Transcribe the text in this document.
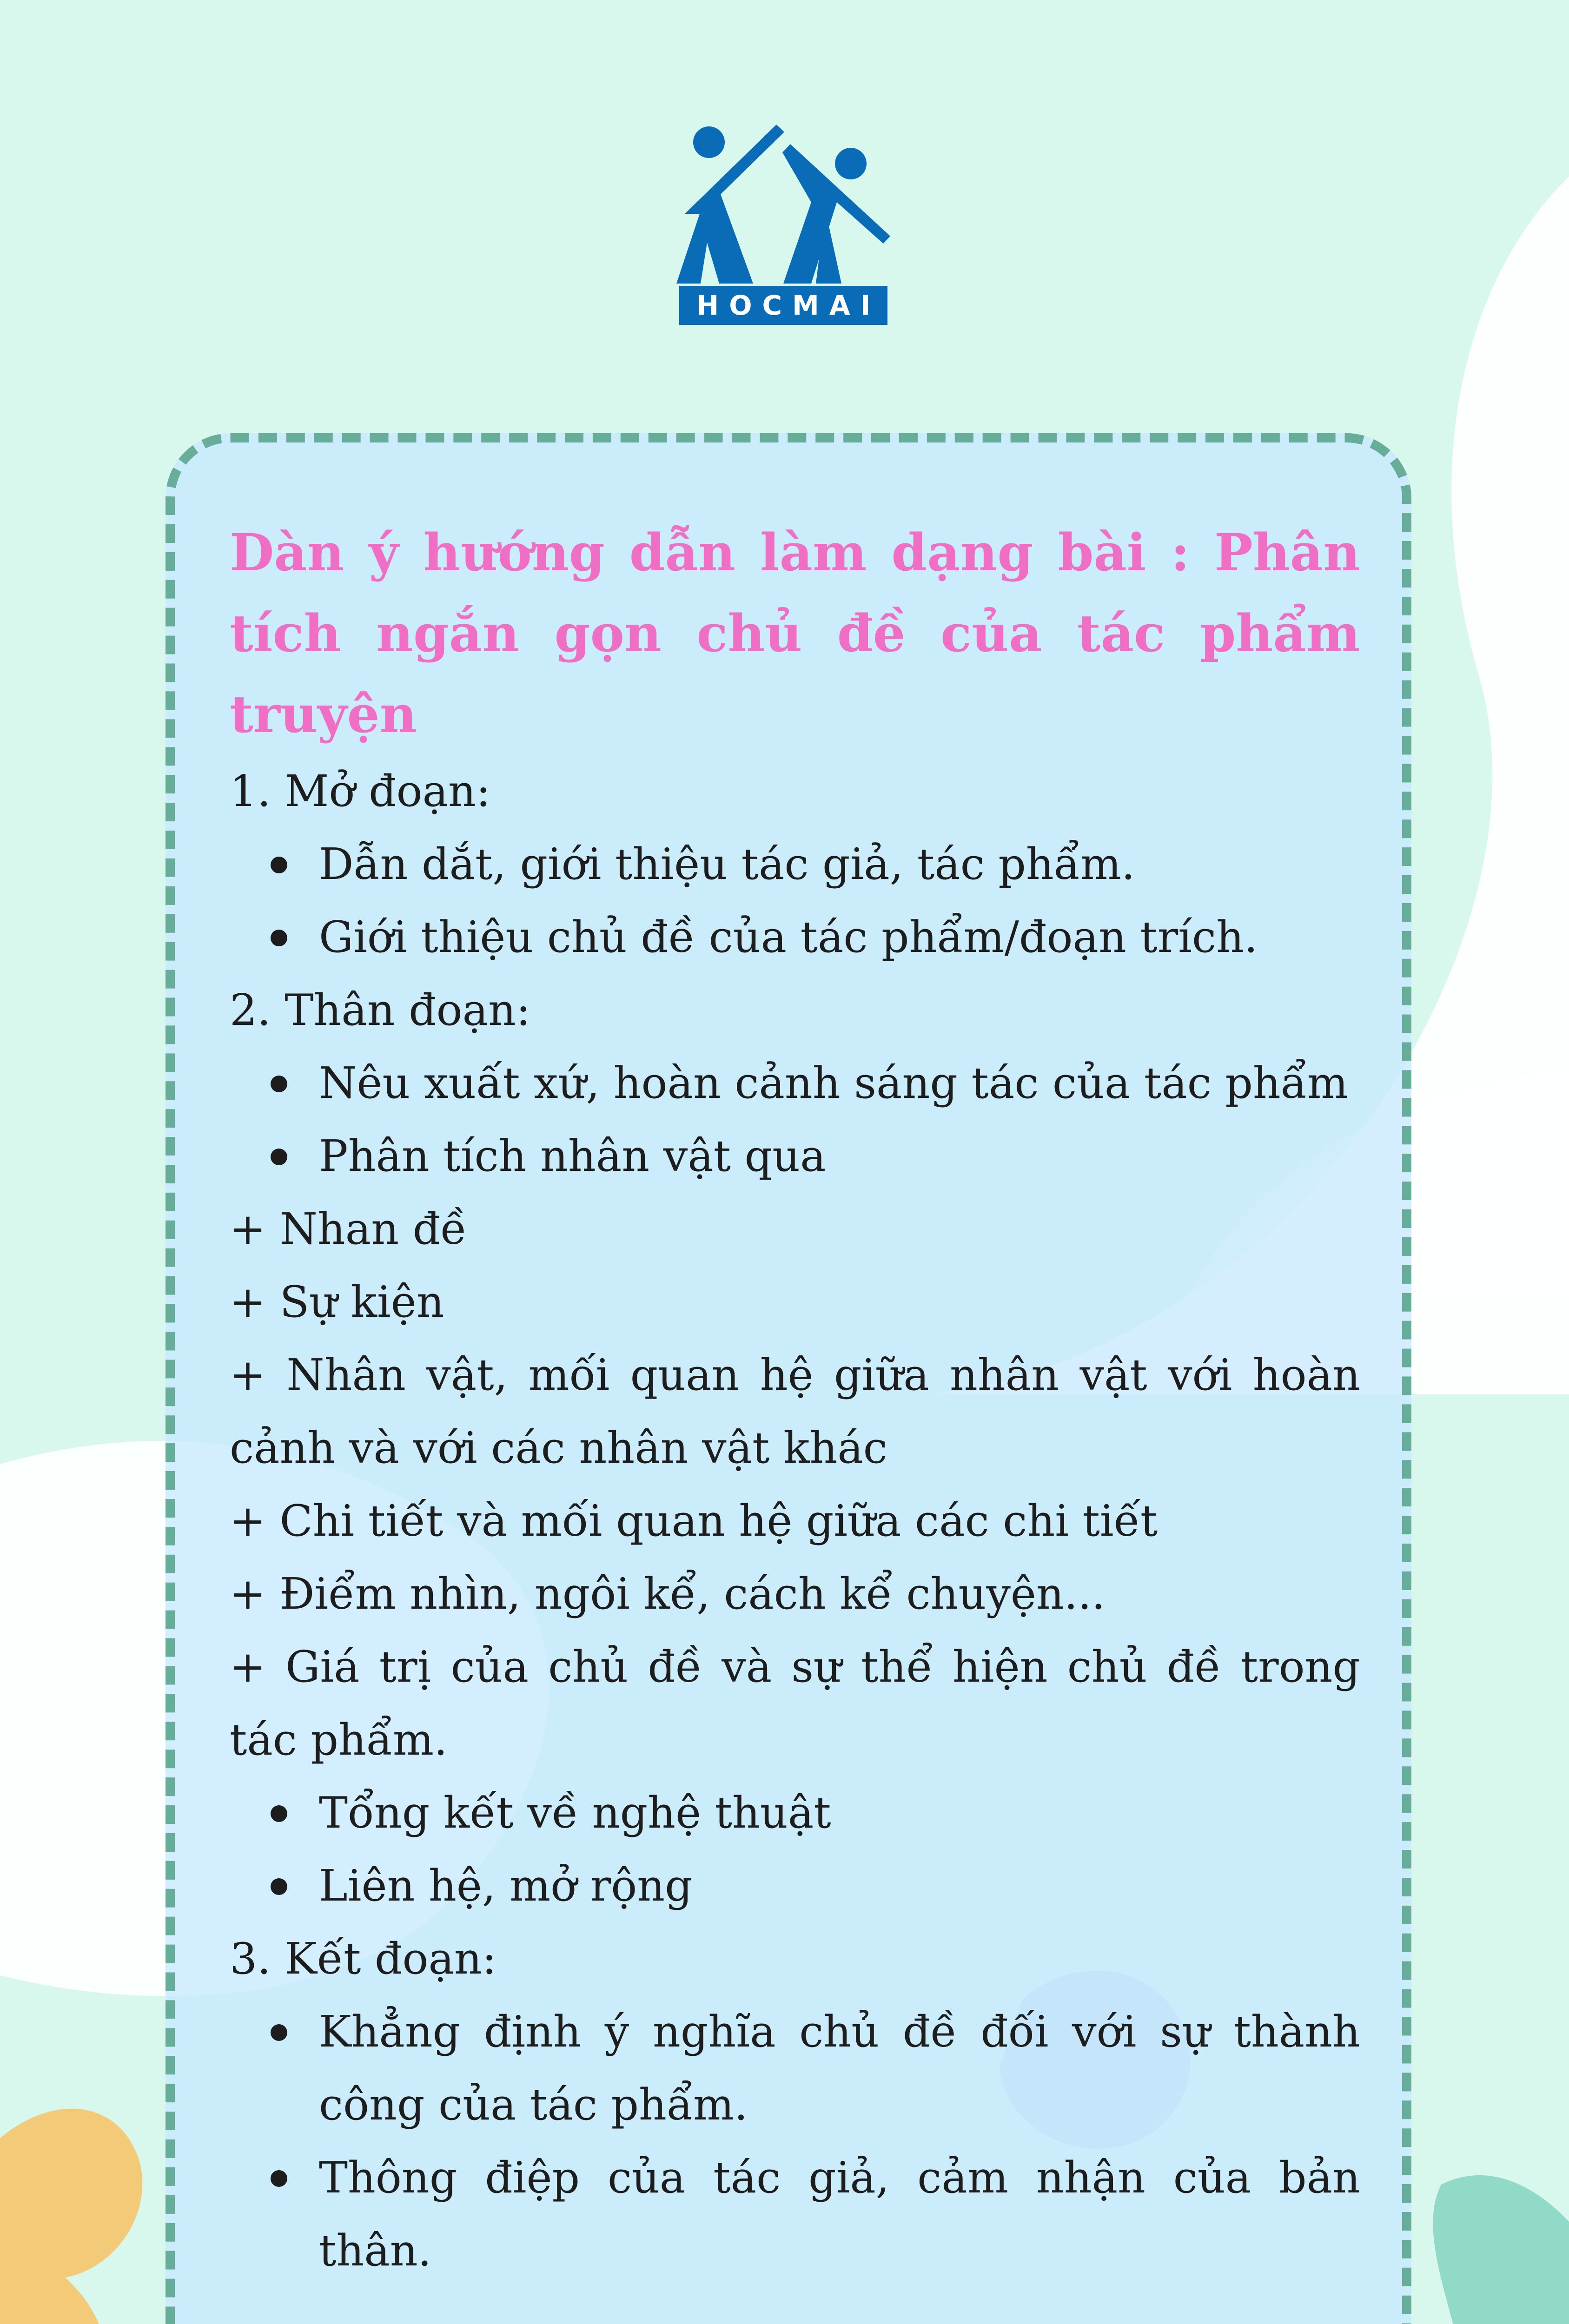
HOCMAI

Dàn ý hướng dẫn làm dạng bài : Phân tích ngắn gọn chủ đề của tác phẩm truyện

1. Mở đoạn:

Dẫn dắt, giới thiệu tác giả, tác phẩm.

Giới thiệu chủ đề của tác phẩm/đoạn trích.

2. Thân đoạn:

Nêu xuất xứ, hoàn cảnh sáng tác của tác phẩm

Phân tích nhân vật qua

+ Nhan đề

+ Sự kiện

+ Nhân vật, mối quan hệ giữa nhân vật với hoàn cảnh và với các nhân vật khác

+ Chi tiết và mối quan hệ giữa các chi tiết

+ Điểm nhìn, ngôi kể, cách kể chuyện...

+ Giá trị của chủ đề và sự thể hiện chủ đề trong tác phẩm.

Tổng kết về nghệ thuật

Liên hệ, mở rộng

3. Kết đoạn:

Khẳng định ý nghĩa chủ đề đối với sự thành công của tác phẩm.

Thông điệp của tác giả, cảm nhận của bản thân.
